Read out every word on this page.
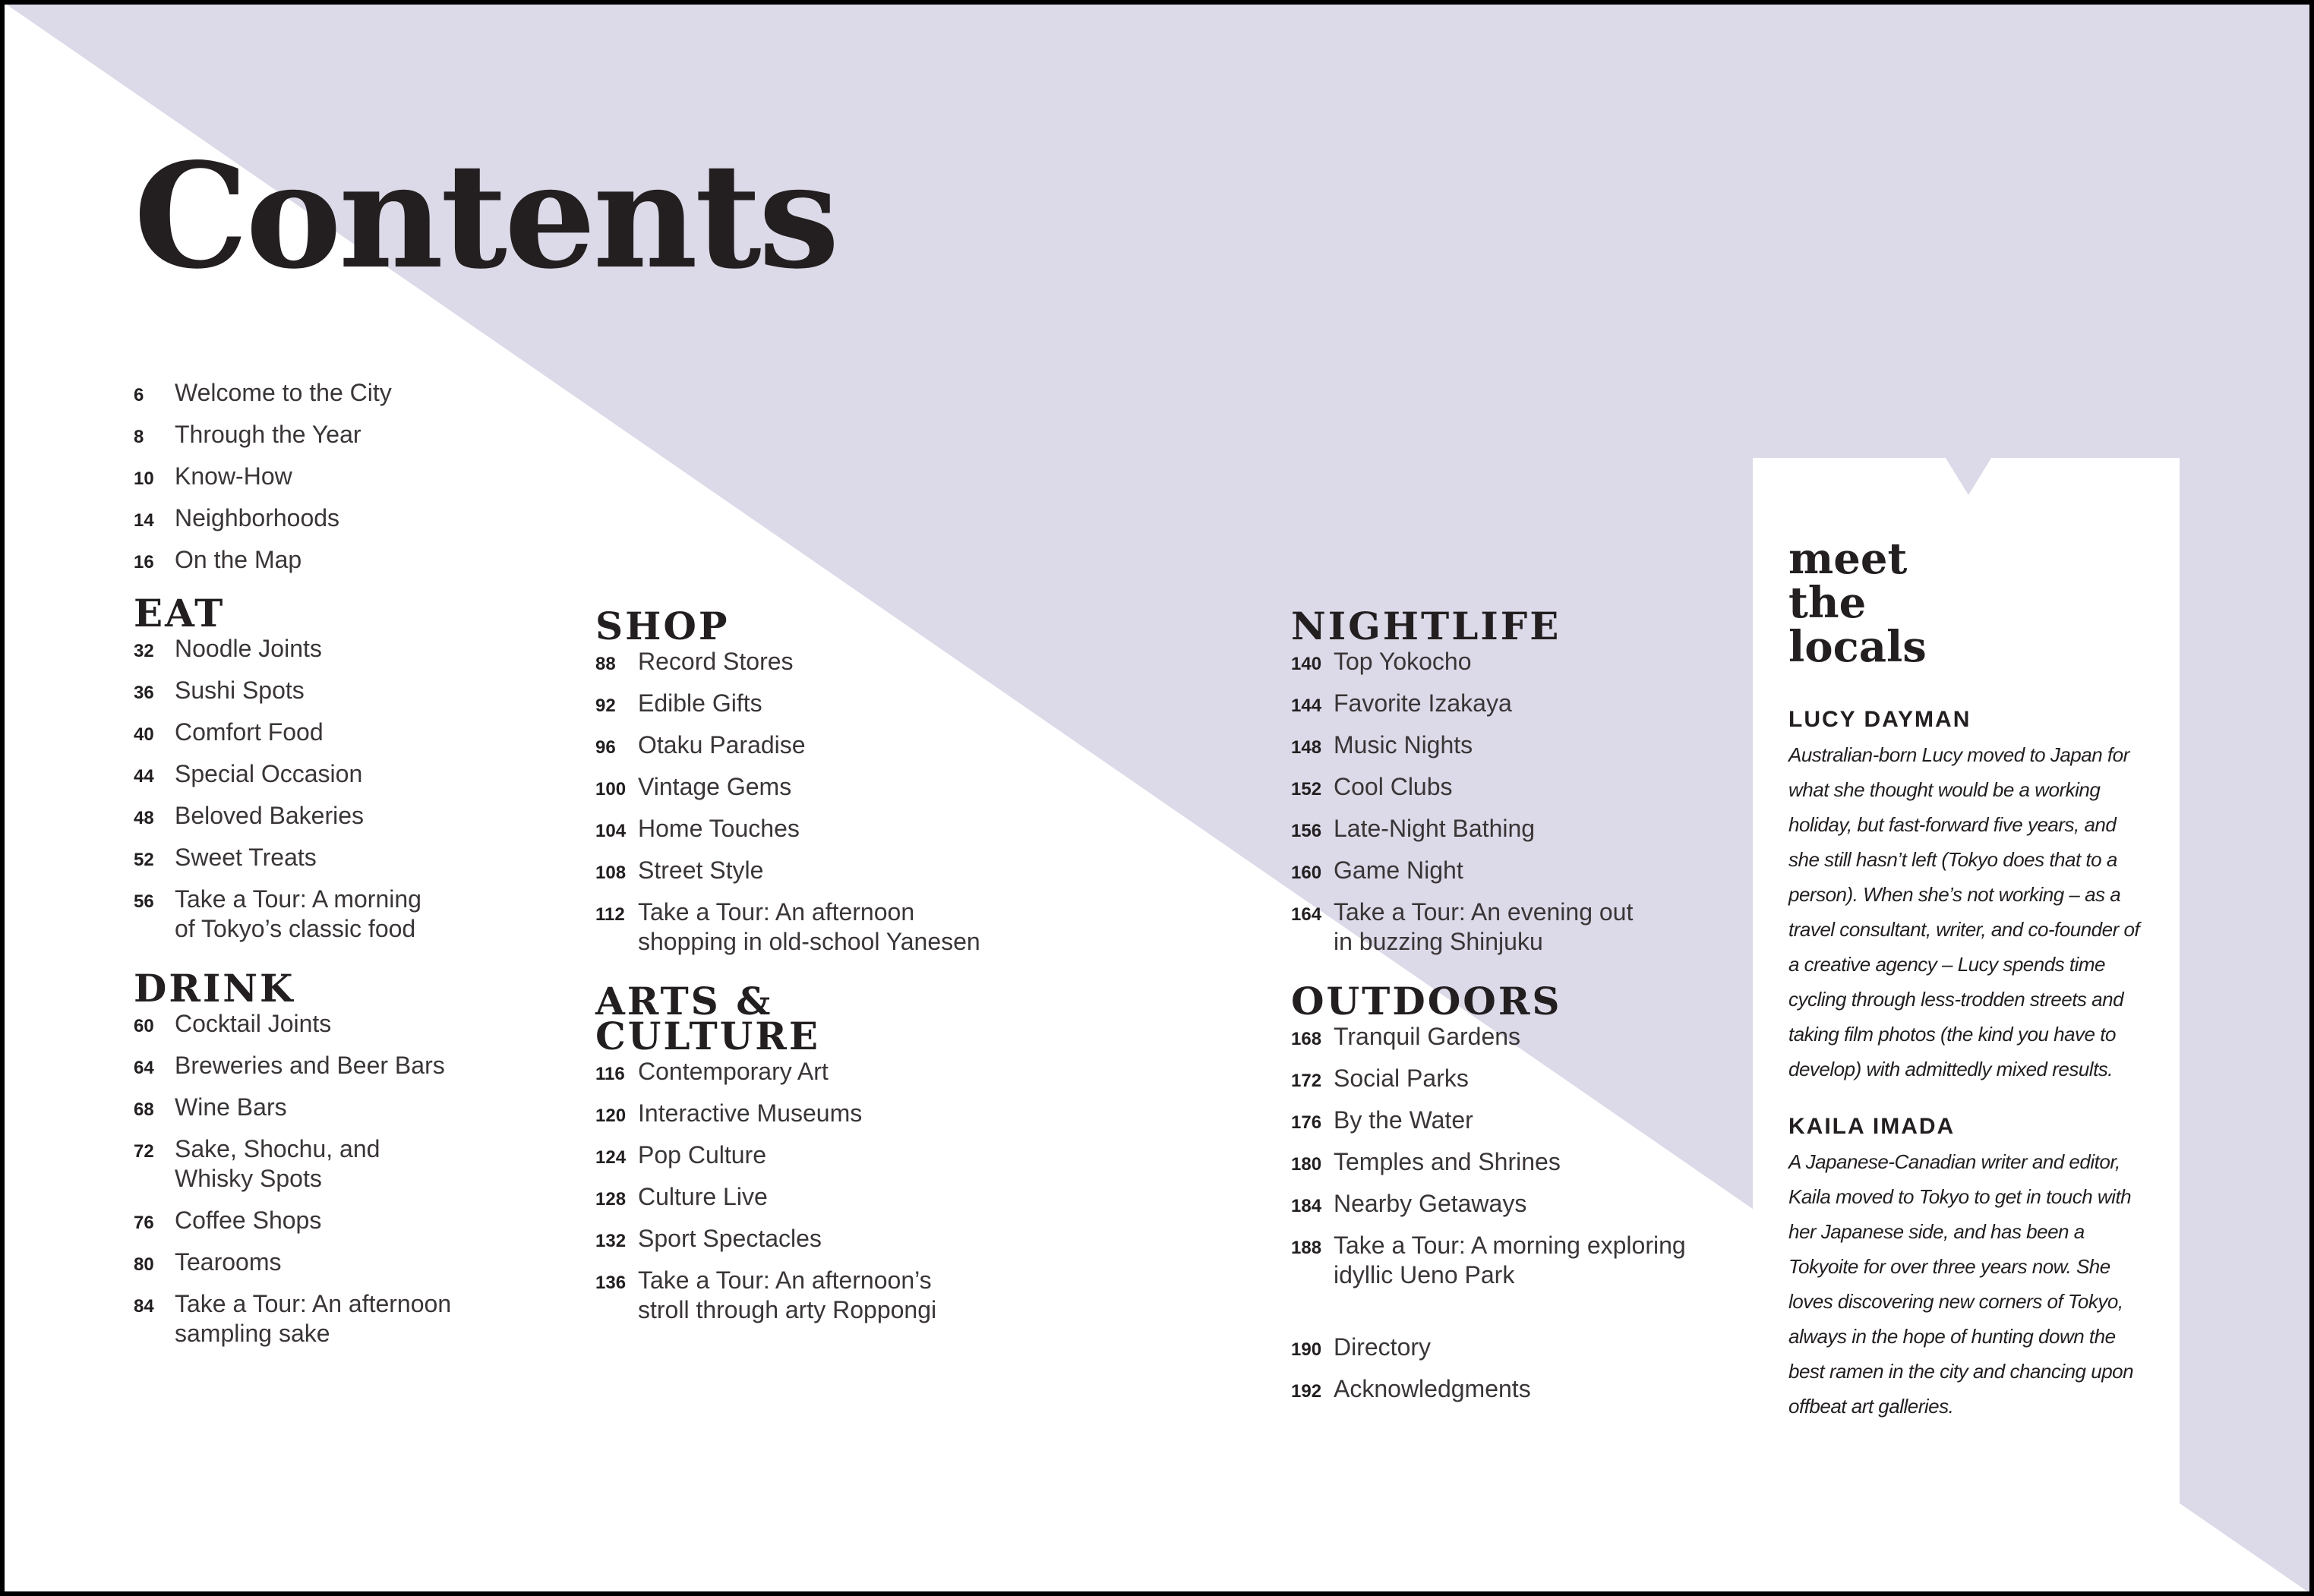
Contents
6	Welcome to the City
8	Through the Year
10 Know-How
14 Neighborhoods
16 On the Map
EAT
32 Noodle Joints
36 Sushi Spots
40 Comfort Food
44 Special Occasion
48 Beloved Bakeries
52 Sweet Treats
56 Take a Tour: A morning
of Tokyo’s classic food
DRINK
60 Cocktail Joints
64 Breweries and Beer Bars
68 Wine Bars
72 Sake, Shochu, and
Whisky Spots
76 Coffee Shops
80 Tearooms
84 Take a Tour: An afternoon
sampling sake
SHOP
88 Record Stores
92 Edible Gifts
96 Otaku Paradise
100 Vintage Gems
104 Home Touches
108 Street Style
112 Take a Tour: An afternoon
shopping in old-school Yanesen
ARTS &
CULTURE
116 Contemporary Art
120 Interactive Museums
124 Pop Culture
128 Culture Live
132 Sport Spectacles
136 Take a Tour: An afternoon’s
stroll through arty Roppongi
NIGHTLIFE
140 Top Yokocho
144 Favorite Izakaya
148 Music Nights
152 Cool Clubs
156 Late-Night Bathing
160 Game Night
164 Take a Tour: An evening out
in buzzing Shinjuku
OUTDOORS
168 Tranquil Gardens
172 Social Parks
176 By the Water
180 Temples and Shrines
184 Nearby Getaways
188 Take a Tour: A morning exploring
idyllic Ueno Park
190 Directory
192 Acknowledgments
meet
the
locals
LUCY DAYMAN
Australian-born Lucy moved to Japan for what she thought would be a working holiday, but fast-forward five years, and she still hasn’t left (Tokyo does that to a person). When she’s not working – as a travel consultant, writer, and co-founder of a creative agency – Lucy spends time cycling through less-trodden streets and taking film photos (the kind you have to develop) with admittedly mixed results.
KAILA IMADA
A Japanese-Canadian writer and editor, Kaila moved to Tokyo to get in touch with her Japanese side, and has been a Tokyoite for over three years now. She loves discovering new corners of Tokyo, always in the hope of hunting down the best ramen in the city and chancing upon offbeat art galleries.
